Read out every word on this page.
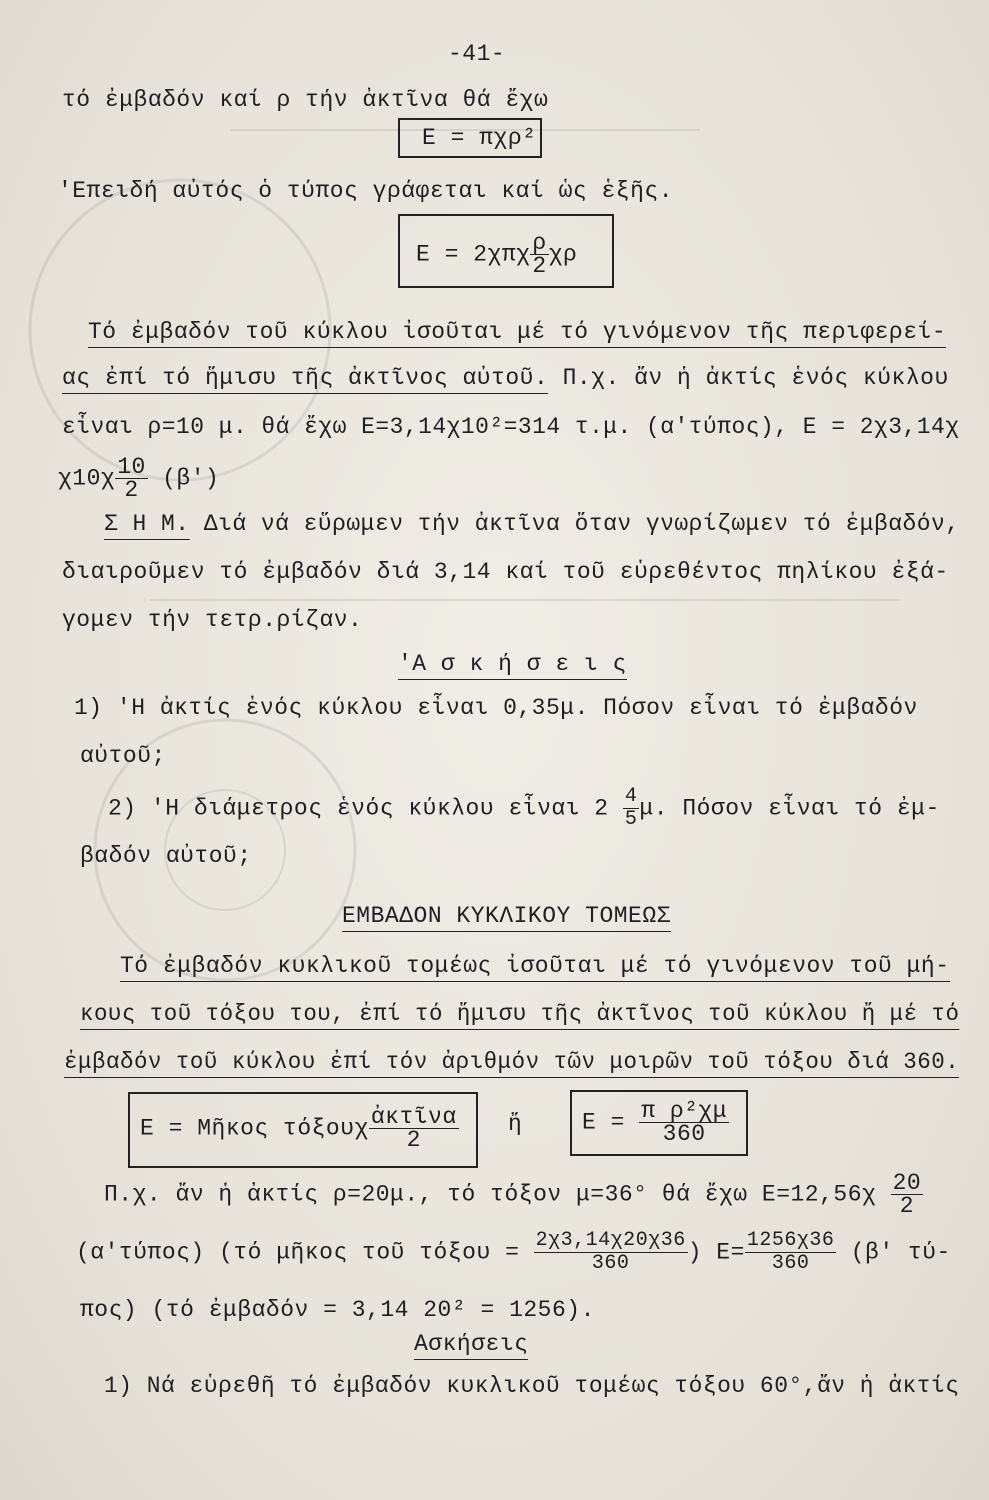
-41-
τό ἐμβαδόν καί ρ τήν ἀκτῖνα θά ἔχω
E = πχρ²
'Επειδή αὐτός ὁ τύπος γράφεται καί ὡς ἑξῆς.
$E = 2\chi\pi\chi \frac{\rho}{2}$ χρ
Τό ἐμβαδόν τοῦ κύκλου ἰσοῦται μέ τό γινόμενον τῆς περιφερεί-
ας ἐπί τό ἥμισυ τῆς ἀκτῖνος αὐτοῦ. Π.χ. ἄν ἡ ἀκτίς ἑνός κύκλου
εἶναι ρ=10 μ. θά ἔχω E=3,14χ10²=314 τ.μ. (α'τύπος), E = 2χ3,14χ
$\chi 10\chi \frac{10}{2} (\beta')$
Σ Η Μ. Διά νά εὕρωμεν τήν ἀκτῖνα ὅταν γνωρίζωμεν τό ἐμβαδόν,
διαιροῦμεν τό ἐμβαδόν διά 3,14 καί τοῦ εὑρεθέντος πηλίκου ἐξά-
γομεν τήν τετρ.ρίζαν.
'Α σ κ ή σ ε ι ς
1) 'Η ἀκτίς ἑνός κύκλου εἶναι 0,35μ. Πόσον εἶναι τό ἐμβαδόν
αὐτοῦ;
2) 'Η διάμετρος ἑνός κύκλου εἶναι $2 \frac{4}{5} \mu$. Πόσον εἶναι τό ἐμ-
βαδόν αὐτοῦ;
ΕΜΒΑΔΟΝ ΚΥΚΛΙΚΟΥ ΤΟΜΕΩΣ
Τό ἐμβαδόν κυκλικοῦ τομέως ἰσοῦται μέ τό γινόμενον τοῦ μή-
κους τοῦ τόξου του, ἐπί τό ἥμισυ τῆς ἀκτῖνος τοῦ κύκλου ἤ μέ τό
ἐμβαδόν τοῦ κύκλου ἐπί τόν ἀριθμόν τῶν μοιρῶν τοῦ τόξου διά 360.
E = Μῆκος τόξουχ $\frac{\text{ἀκτῖνα}}{2}$ ἤ	$E = \frac{\text{π ρ²χμ}}{360}$
Π.χ. ἄν ἡ ἀκτίς ρ=20μ., τό τόξον μ=36° θά ἔχω $E=12,56\chi \frac{20}{2}$
(α'τύπος) (τό μῆκος τοῦ $\tau ό\xi o\upsilon = \frac{2\chi 3,14\chi 20\chi 36}{360}$ ) $E= \frac{1256\chi 36}{360} (\beta'$ τύ-
πος) (τό ἐμβαδόν = 3,14 20² = 1256).
Ασκήσεις
1) Νά εὑρεθῆ τό ἐμβαδόν κυκλικοῦ τομέως τόξου 60°,ἄν ἡ ἀκτίς
